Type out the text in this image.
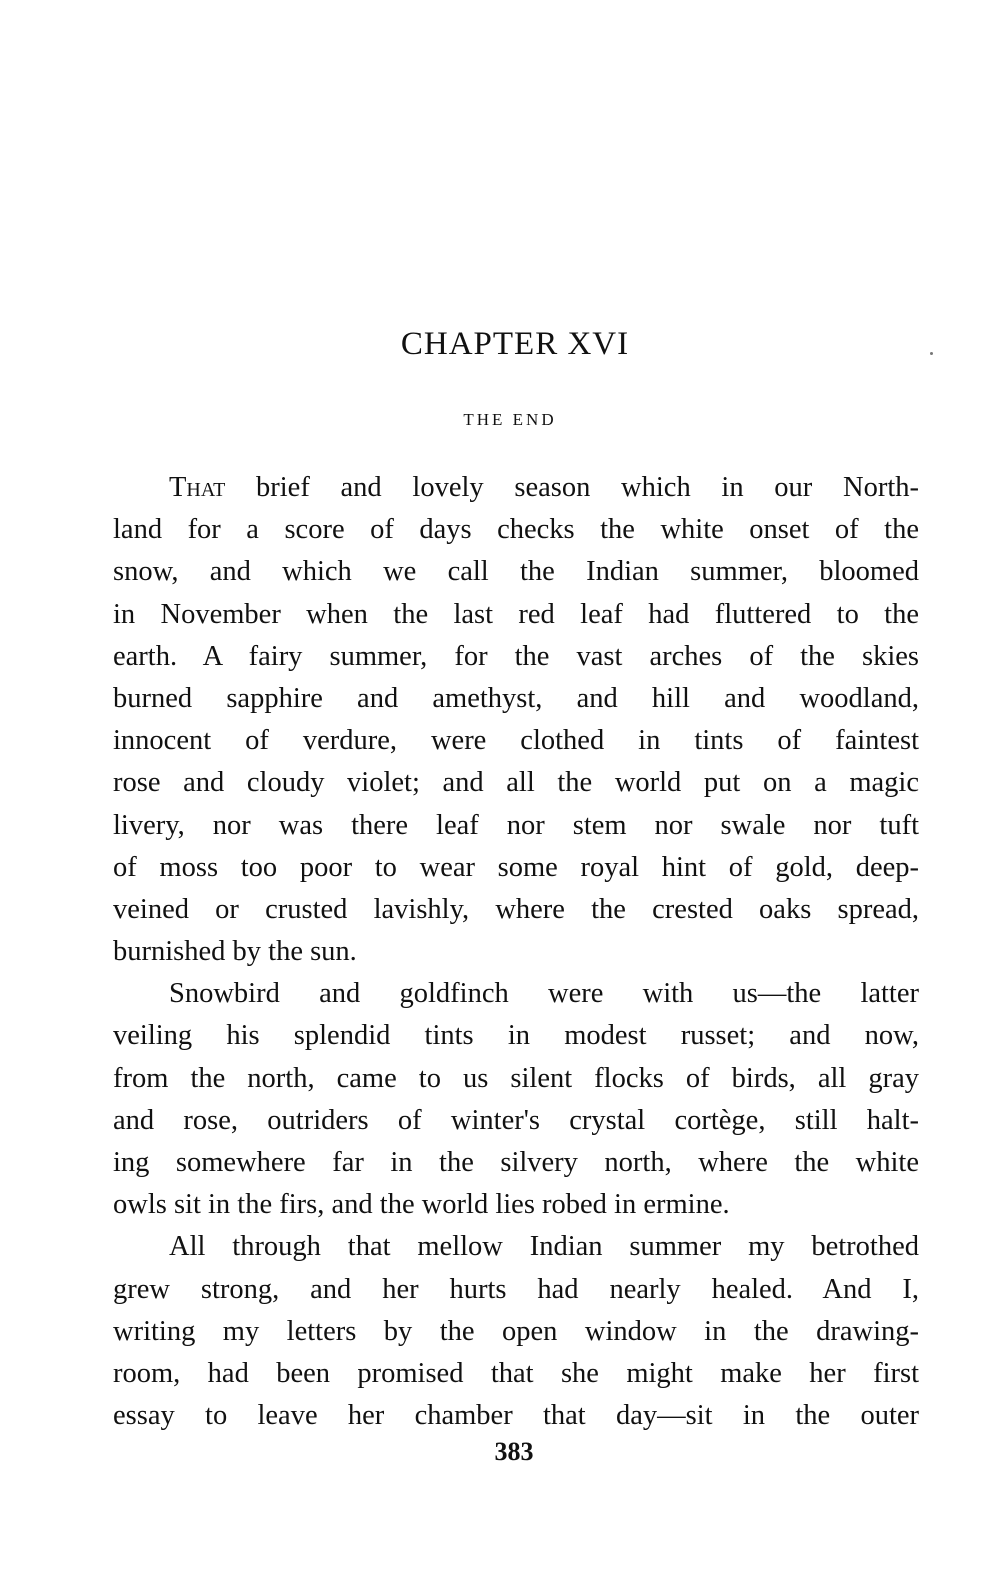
CHAPTER XVI
THE END
That brief and lovely season which in our North-
land for a score of days checks the white onset of the
snow, and which we call the Indian summer, bloomed
in November when the last red leaf had fluttered to the
earth. A fairy summer, for the vast arches of the skies
burned sapphire and amethyst, and hill and woodland,
innocent of verdure, were clothed in tints of faintest
rose and cloudy violet; and all the world put on a magic
livery, nor was there leaf nor stem nor swale nor tuft
of moss too poor to wear some royal hint of gold, deep-
veined or crusted lavishly, where the crested oaks spread,
burnished by the sun.
Snowbird and goldfinch were with us—the latter
veiling his splendid tints in modest russet; and now,
from the north, came to us silent flocks of birds, all gray
and rose, outriders of winter's crystal cortège, still halt-
ing somewhere far in the silvery north, where the white
owls sit in the firs, and the world lies robed in ermine.
All through that mellow Indian summer my betrothed
grew strong, and her hurts had nearly healed. And I,
writing my letters by the open window in the drawing-
room, had been promised that she might make her first
essay to leave her chamber that day—sit in the outer
383
